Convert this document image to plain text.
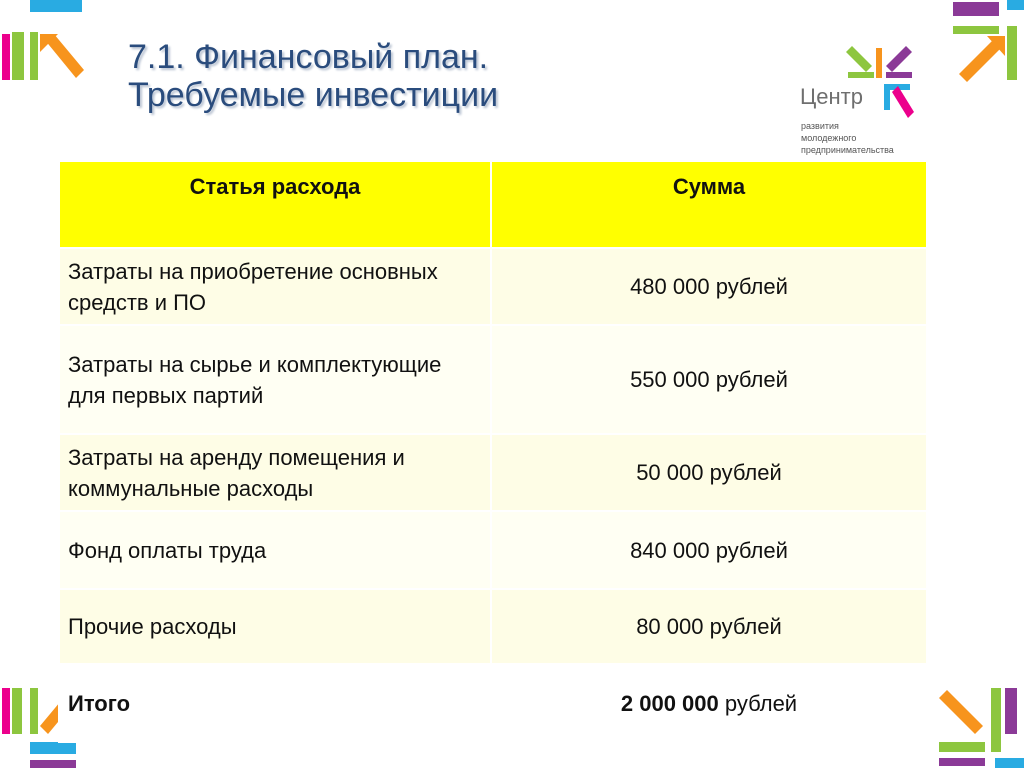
7.1. Финансовый план.
Требуемые инвестиции	Центр
развития
молодежного
предпринимательства
Статья расхода	Сумма
Затраты на приобретение основных средств и ПО	480 000 рублей
Затраты на сырье и комплектующие для первых партий	550 000 рублей
Затраты на аренду помещения и коммунальные расходы	50 000 рублей
Фонд оплаты труда	840 000 рублей
Прочие расходы	80 000 рублей
Итого	2 000 000 рублей
